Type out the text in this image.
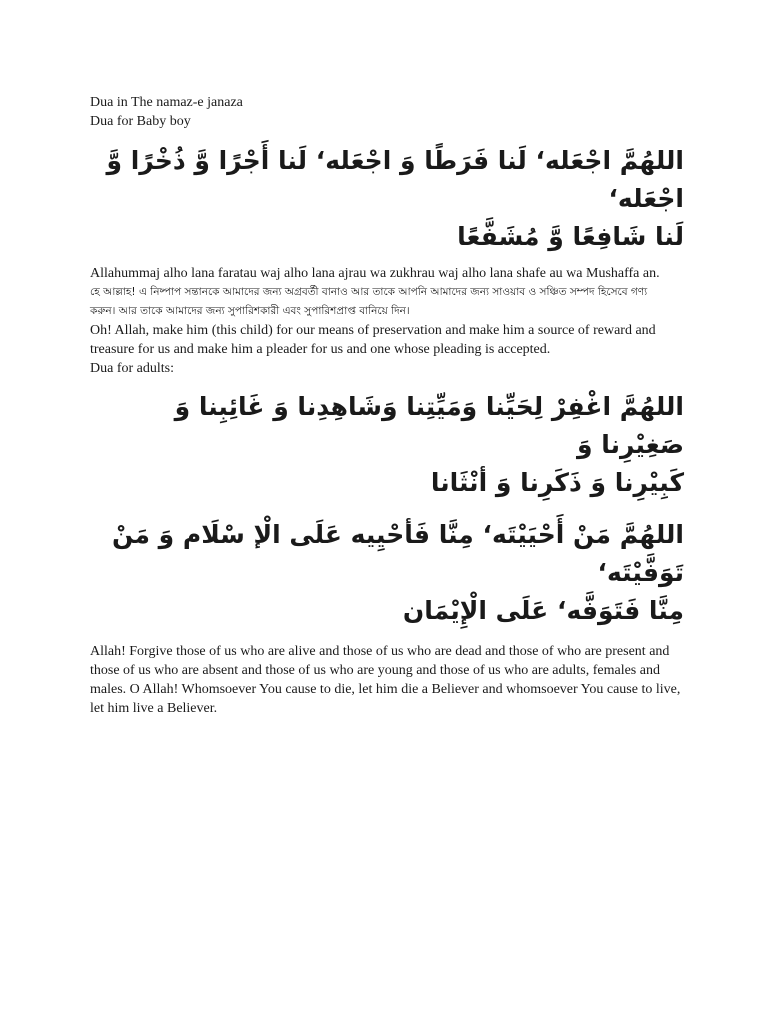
Dua in The namaz-e janaza

Dua for Baby boy

اللهُمَّ اجْعَله‘ لَنا فَرَطًا وَ اجْعَله‘ لَنا أَجْرًا وَّ ذُخْرًا وَّ اجْعَله‘
لَنا شَافِعًا وَّ مُشَفَّعًا

Allahummaj alho lana faratau waj alho lana ajrau wa zukhrau waj alho lana shafe au wa Mushaffa an.

হে আল্লাহ! এ নিষ্পাপ সন্তানকে আমাদের জন্য অগ্রবর্তী বানাও আর তাকে আপনি আমাদের জন্য সাওয়াব ও সঞ্চিত সম্পদ হিসেবে গণ্য
করুন। আর তাকে আমাদের জন্য সুপারিশকারী এবং সুপারিশপ্রাপ্ত বানিয়ে দিন।

Oh! Allah, make him (this child) for our means of preservation and make him a source of reward and treasure for us and make him a pleader for us and one whose pleading is accepted.

Dua for adults:

اللهُمَّ اغْفِرْ لِحَيِّنا وَمَيِّتِنا وَشَاهِدِنا وَ غَائِبِنا وَ صَغِيْرِنا وَ
كَبِيْرِنا وَ ذَكَرِنا وَ أنْثَانا
اللهُمَّ مَنْ أَحْيَيْتَه‘ مِنَّا فَأحْيِيه عَلَى الْإ سْلَام وَ مَنْ تَوَفَّيْتَه‘
مِنَّا فَتَوَفَّه‘ عَلَى الْإِيْمَان

Allah! Forgive those of us who are alive and those of us who are dead and those of who are present and those of us who are absent and those of us who are young and those of us who are adults, females and males. O Allah! Whomsoever You cause to die, let him die a Believer and whomsoever You cause to live, let him live a Believer.
